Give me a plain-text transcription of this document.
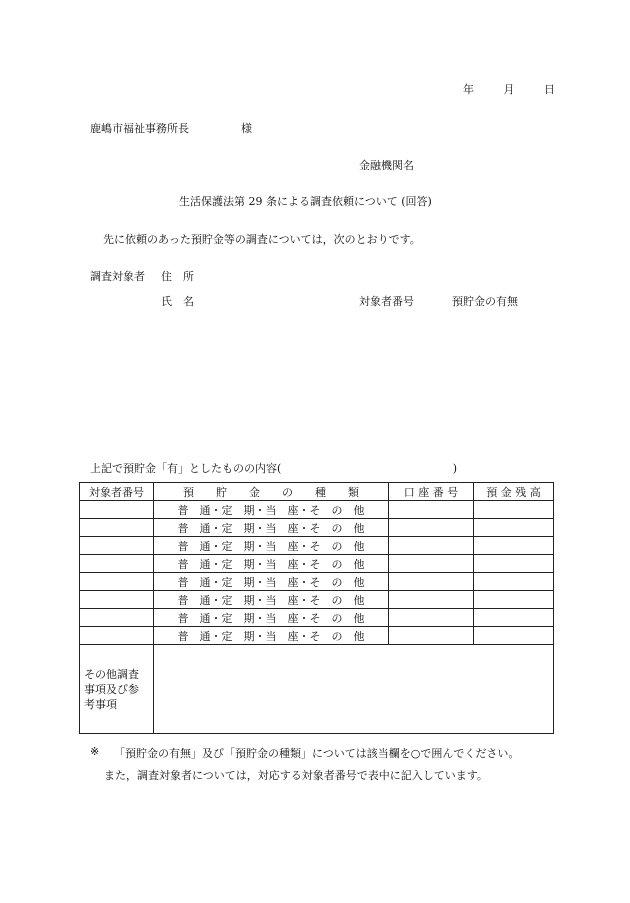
年	月	日
鹿嶋市福祉事務所長	様
金融機関名
生活保護法第 29 条による調査依頼について (回答)
先に依頼のあった預貯金等の調査については，次のとおりです。
調査対象者 住　所
氏　名	対象者番号	預貯金の有無
上記で預貯金「有」としたものの内容(	)
対象者番号	預　　貯　　金　　の　　種　　類	口 座 番 号	預 金 残 高
	普　通・定　期・当　座・そ　の　他		
	普　通・定　期・当　座・そ　の　他		
	普　通・定　期・当　座・そ　の　他		
	普　通・定　期・当　座・そ　の　他		
	普　通・定　期・当　座・そ　の　他		
	普　通・定　期・当　座・そ　の　他		
	普　通・定　期・当　座・そ　の　他		
	普　通・定　期・当　座・そ　の　他		
その他調査事項及び参考事項			
※ 「預貯金の有無」及び「預貯金の種類」については該当欄を○で囲んでください。
また，調査対象者については，対応する対象者番号で表中に記入しています。
